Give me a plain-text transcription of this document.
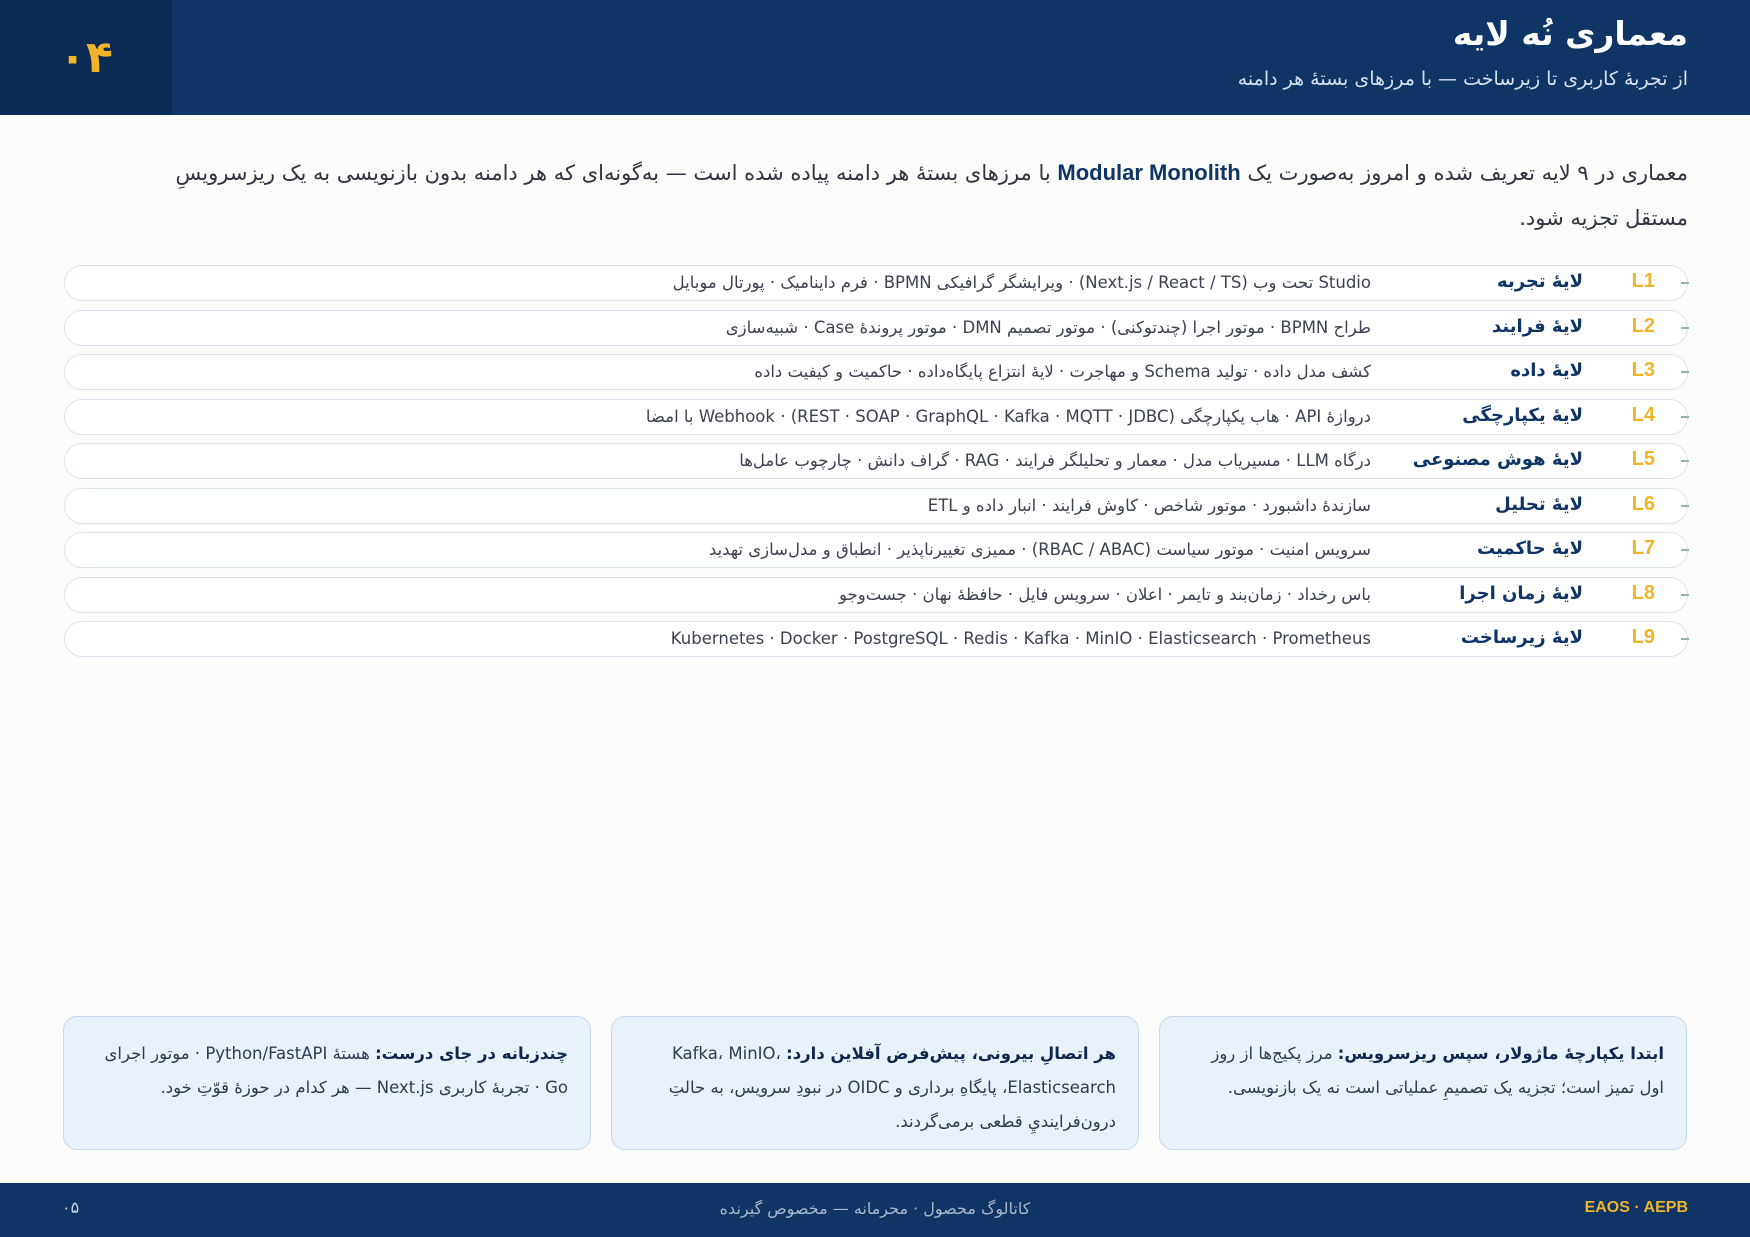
۰۴	معماری نُه لایه
از تجربهٔ کاربری تا زیرساخت — با مرزهای بستهٔ هر دامنه

معماری در ۹ لایه تعریف شده و امروز به‌صورت یک Modular Monolith با مرزهای بستهٔ هر دامنه پیاده شده است — به‌گونه‌ای که هر دامنه بدون بازنویسی به یک ریزسرویسِ مستقل تجزیه شود.

L1
لایهٔ تجربه
Studio تحت وب (Next.js / React / TS) · ویرایشگر گرافیکی BPMN · فرم داینامیک · پورتال موبایل
L2
لایهٔ فرایند
طراح BPMN · موتور اجرا (چندتوکنی) · موتور تصمیم DMN · موتور پروندهٔ Case · شبیه‌سازی
L3
لایهٔ داده
کشف مدل داده · تولید Schema و مهاجرت · لایهٔ انتزاع پایگاه‌داده · حاکمیت و کیفیت داده
L4
لایهٔ یکپارچگی
دروازهٔ API · هاب یکپارچگی (REST · SOAP · GraphQL · Kafka · MQTT · JDBC) · Webhook با امضا
L5
لایهٔ هوش مصنوعی
درگاه LLM · مسیریاب مدل · معمار و تحلیلگر فرایند · RAG · گراف دانش · چارچوب عامل‌ها
L6
لایهٔ تحلیل
سازندهٔ داشبورد · موتور شاخص · کاوش فرایند · انبار داده و ETL
L7
لایهٔ حاکمیت
سرویس امنیت · موتور سیاست (RBAC / ABAC) · ممیزی تغییرناپذیر · انطباق و مدل‌سازی تهدید
L8
لایهٔ زمان اجرا
باس رخداد · زمان‌بند و تایمر · اعلان · سرویس فایل · حافظهٔ نهان · جست‌وجو
L9
لایهٔ زیرساخت
Kubernetes · Docker · PostgreSQL · Redis · Kafka · MinIO · Elasticsearch · Prometheus
ابتدا یکپارچهٔ ماژولار، سپس ریزسرویس: مرز پکیج‌ها از روز اول تمیز است؛ تجزیه یک تصمیمِ عملیاتی است نه یک بازنویسی.
هر اتصالِ بیرونی، پیش‌فرض آفلاین دارد: Kafka، MinIO، Elasticsearch، پایگاهِ برداری و OIDC در نبودِ سرویس، به حالتِ درون‌فراینديِ قطعی برمی‌گردند.
چندزبانه در جای درست: هستهٔ Python/FastAPI · موتور اجرای Go · تجربهٔ کاربری Next.js — هر کدام در حوزهٔ قوّتِ خود.
EAOS · AEPB
کاتالوگ محصول · محرمانه — مخصوص گیرنده
۰۵
